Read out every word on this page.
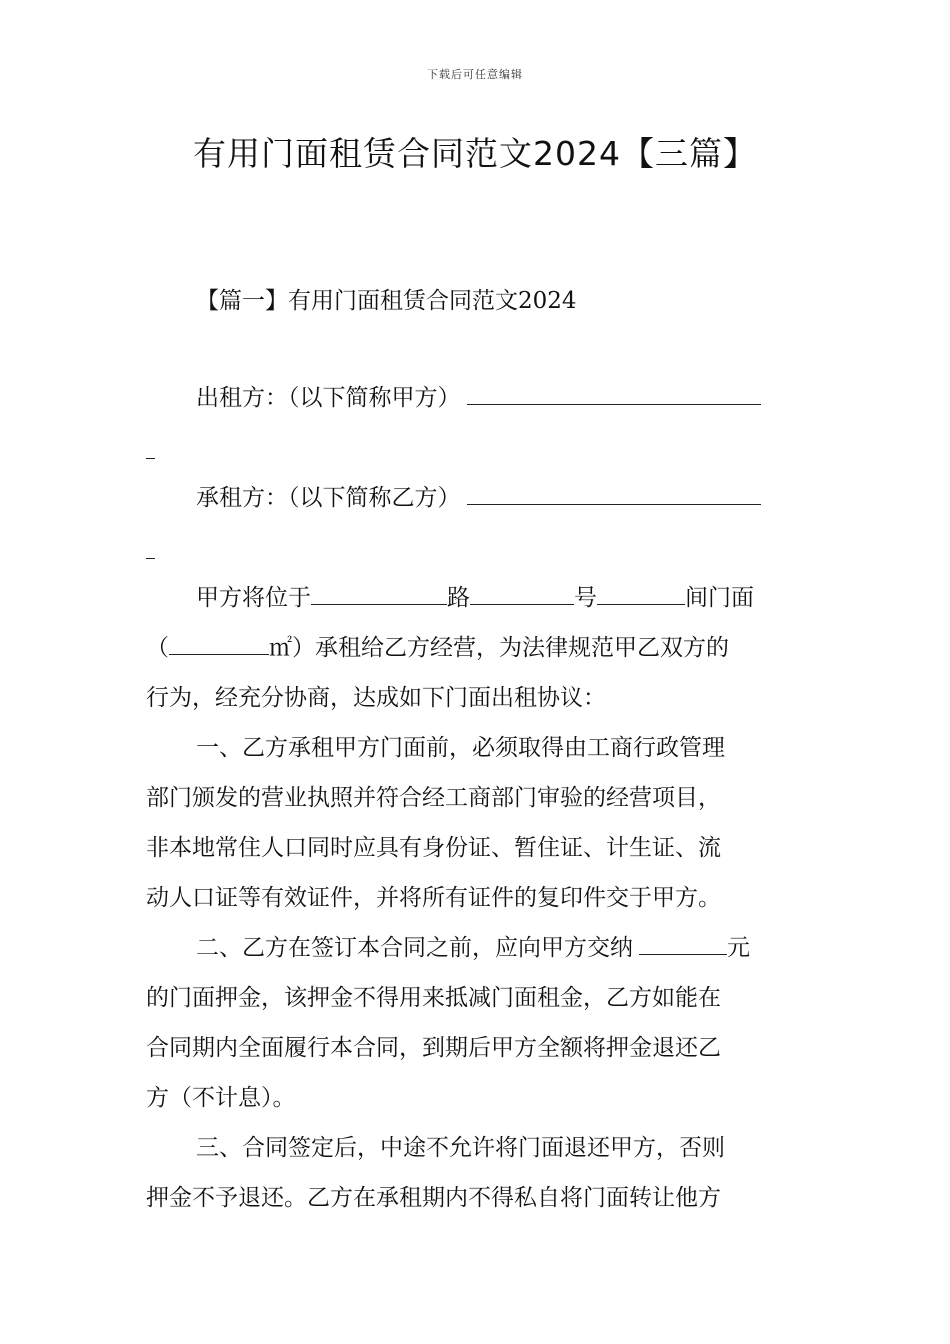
下载后可任意编辑
有用门面租赁合同范文2024【三篇】
【篇一】有用门面租赁合同范文2024
出租方：（以下简称甲方）
承租方：（以下简称乙方）
甲方将位于	路	号	间门面
（	㎡）承租给乙方经营，为法律规范甲乙双方的
行为，经充分协商，达成如下门面出租协议：
一、乙方承租甲方门面前，必须取得由工商行政管理
部门颁发的营业执照并符合经工商部门审验的经营项目，
非本地常住人口同时应具有身份证、暂住证、计生证、流
动人口证等有效证件，并将所有证件的复印件交于甲方。
二、乙方在签订本合同之前，应向甲方交纳	元
的门面押金，该押金不得用来抵减门面租金，乙方如能在
合同期内全面履行本合同，到期后甲方全额将押金退还乙
方（不计息）。
三、合同签定后，中途不允许将门面退还甲方，否则
押金不予退还。乙方在承租期内不得私自将门面转让他方
